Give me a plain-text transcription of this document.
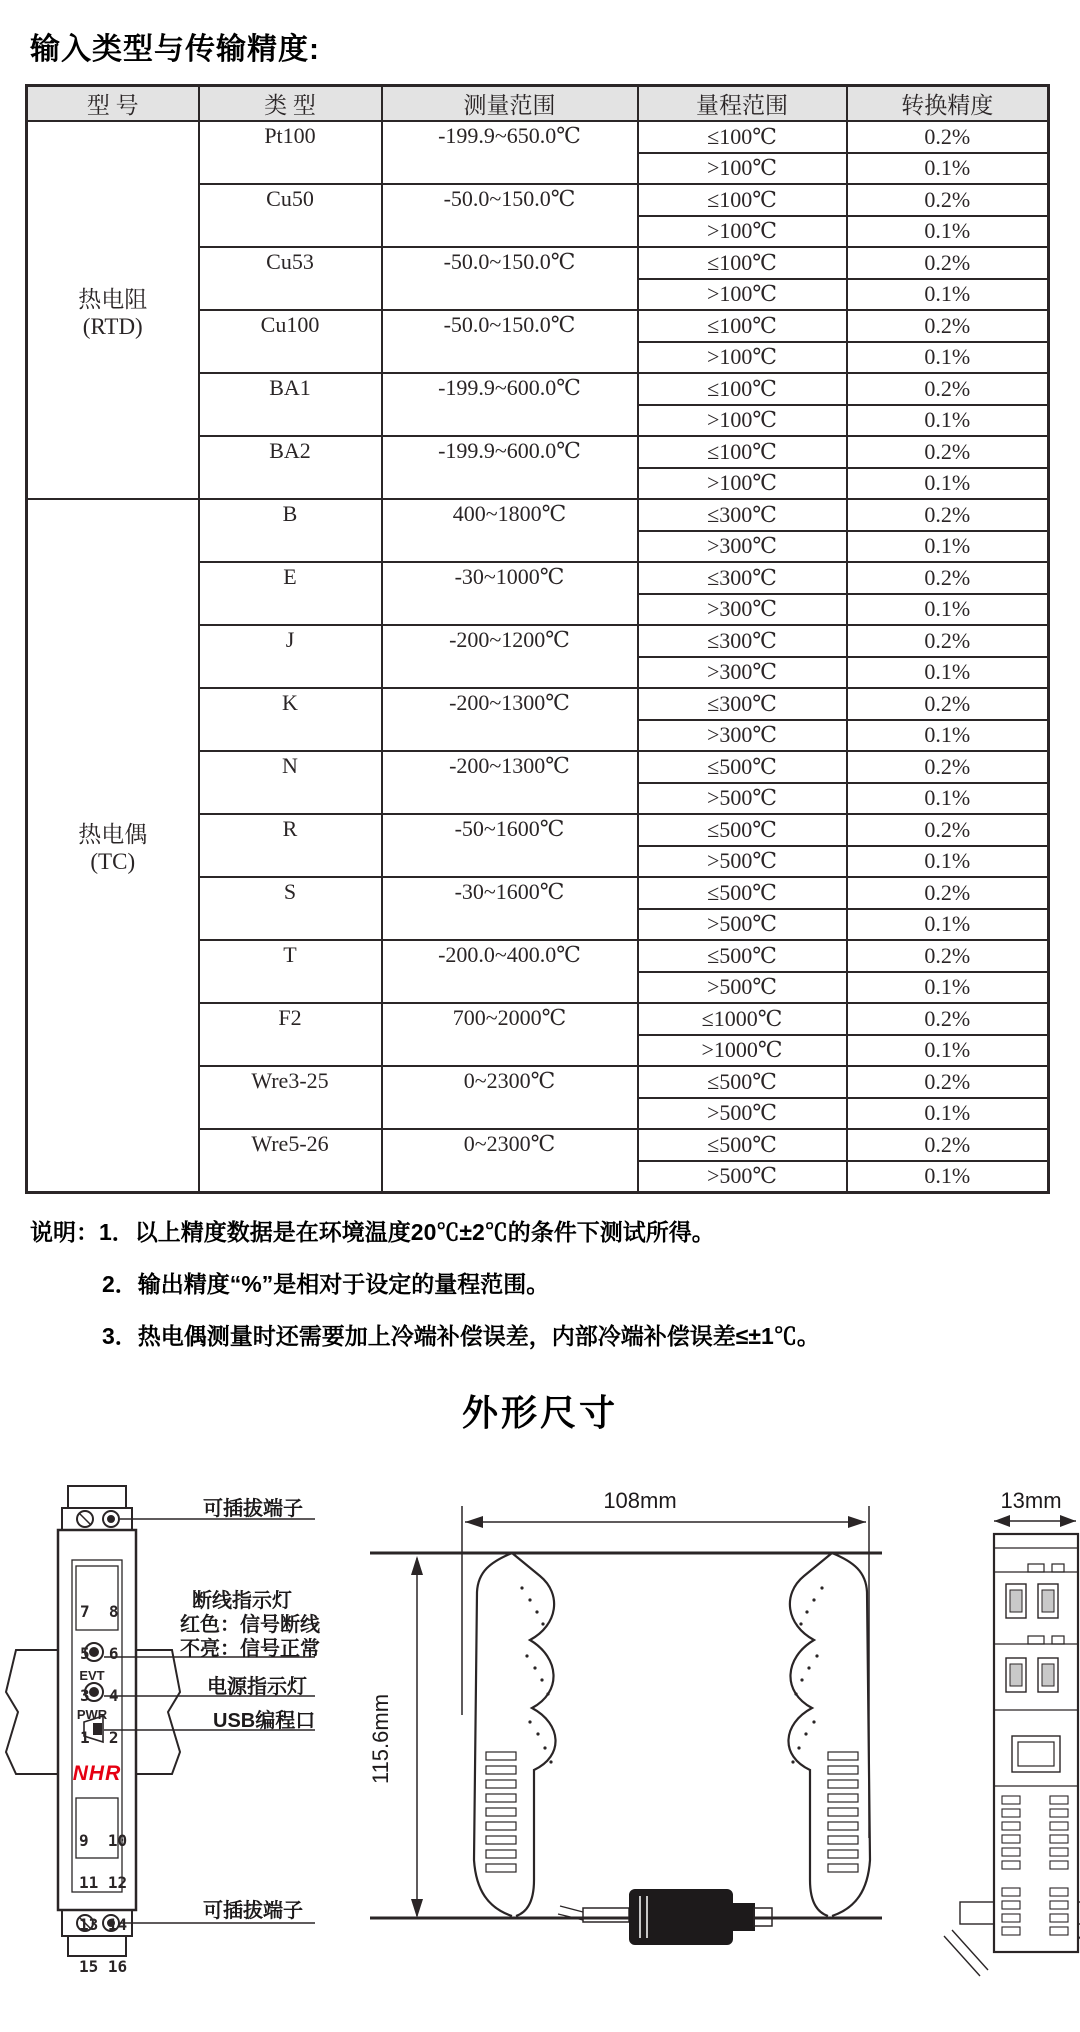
输入类型与传输精度:
型 号	类 型	测量范围	量程范围	转换精度

热电阻
(RTD)	Pt100	-199.9~650.0℃	≤100℃	0.2%
			>100℃	0.1%
	Cu50	-50.0~150.0℃	≤100℃	0.2%
			>100℃	0.1%
	Cu53	-50.0~150.0℃	≤100℃	0.2%
			>100℃	0.1%
	Cu100	-50.0~150.0℃	≤100℃	0.2%
			>100℃	0.1%
	BA1	-199.9~600.0℃	≤100℃	0.2%
			>100℃	0.1%
	BA2	-199.9~600.0℃	≤100℃	0.2%
			>100℃	0.1%

热电偶
(TC)	B	400~1800℃	≤300℃	0.2%
			>300℃	0.1%
	E	-30~1000℃	≤300℃	0.2%
			>300℃	0.1%
	J	-200~1200℃	≤300℃	0.2%
			>300℃	0.1%
	K	-200~1300℃	≤300℃	0.2%
			>300℃	0.1%
	N	-200~1300℃	≤500℃	0.2%
			>500℃	0.1%
	R	-50~1600℃	≤500℃	0.2%
			>500℃	0.1%
	S	-30~1600℃	≤500℃	0.2%
			>500℃	0.1%
	T	-200.0~400.0℃	≤500℃	0.2%
			>500℃	0.1%
	F2	700~2000℃	≤1000℃	0.2%
			>1000℃	0.1%
	Wre3-25	0~2300℃	≤500℃	0.2%
			>500℃	0.1%
	Wre5-26	0~2300℃	≤500℃	0.2%
			>500℃	0.1%
说明：1．以上精度数据是在环境温度20℃±2℃的条件下测试所得。
2．输出精度“%”是相对于设定的量程范围。
3．热电偶测量时还需要加上冷端补偿误差，内部冷端补偿误差≤±1℃。
外形尺寸
可插拔端子
断线指示灯
红色：信号断线
不亮：信号正常
电源指示灯
USB编程口
可插拔端子
108mm
115.6mm
13mm

7  8

5  6

3  4

1  2

9  10

11 12

13 14

15 16

EVT
PWR
NHR
